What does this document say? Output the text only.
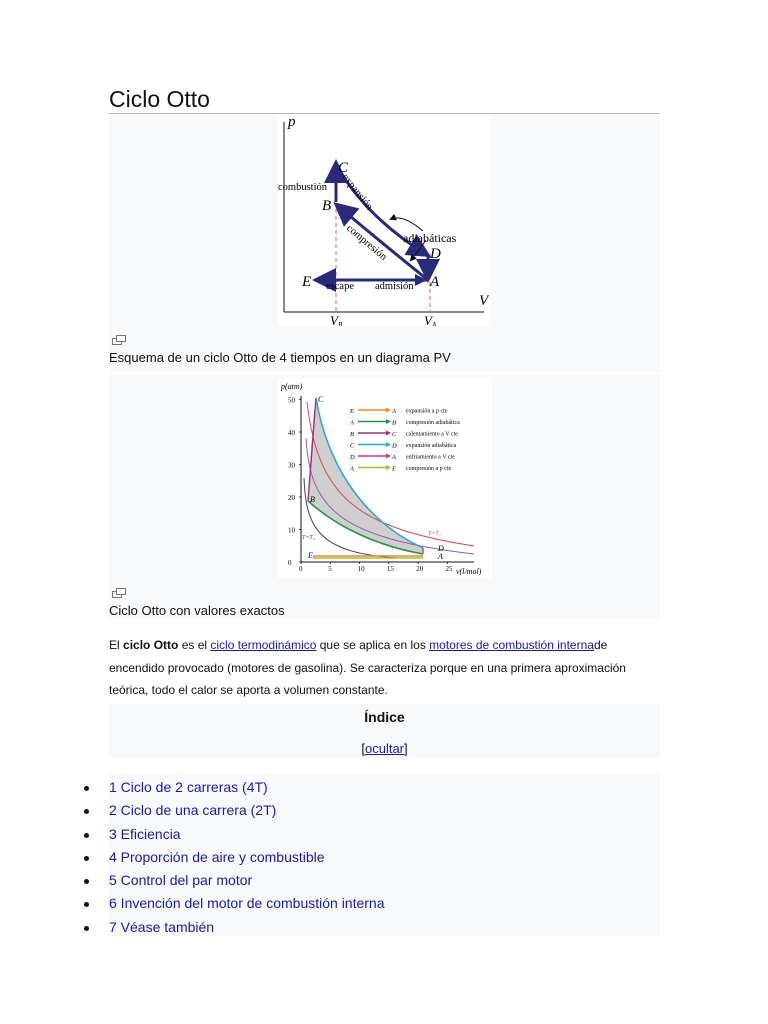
Ciclo Otto
p
V
C
B
D
E	A
combustión expansión
compresión adiabáticas
escape admisión
VB	VA
Esquema de un ciclo Otto de 4 tiempos en un diagrama PV
p(atm)
v(l/mol)
0
10
20
30
40
50
0	5	10	15	20	25
C
B
D
E	A
T=T₁
T=T₂
E	A expansión a p cte
A	B compresión adiabática
B	C calentamiento a V cte
C	D expansión adiabática
D	A enfriamiento a V cte
A	E compresión a p cte
Ciclo Otto con valores exactos

El ciclo Otto es el ciclo termodinámico que se aplica en los motores de combustión internade encendido provocado (motores de gasolina). Se caracteriza porque en una primera aproximación teórica, todo el calor se aporta a volumen constante.

Índice
[ocultar]
1 Ciclo de 2 carreras (4T)
2 Ciclo de una carrera (2T)
3 Eficiencia
4 Proporción de aire y combustible
5 Control del par motor
6 Invención del motor de combustión interna
7 Véase también
